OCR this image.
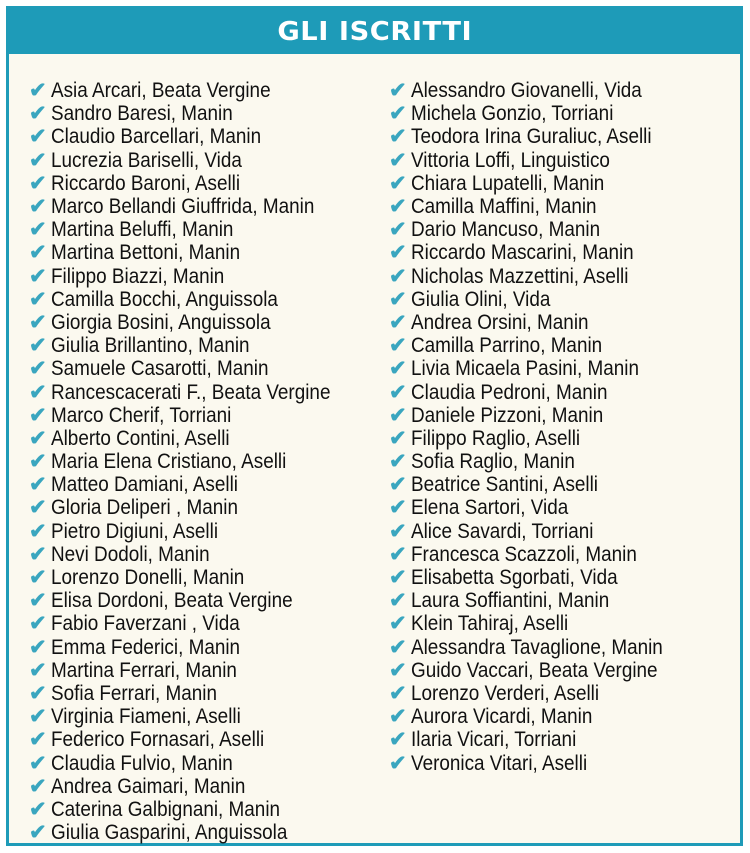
GLI ISCRITTI
✔ Asia Arcari, Beata Vergine
✔ Sandro Baresi, Manin
✔ Claudio Barcellari, Manin
✔ Lucrezia Bariselli, Vida
✔ Riccardo Baroni, Aselli
✔ Marco Bellandi Giuffrida, Manin
✔ Martina Beluffi, Manin
✔ Martina Bettoni, Manin
✔ Filippo Biazzi, Manin
✔ Camilla Bocchi, Anguissola
✔ Giorgia Bosini, Anguissola
✔ Giulia Brillantino, Manin
✔ Samuele Casarotti, Manin
✔ Rancescacerati F., Beata Vergine
✔ Marco Cherif, Torriani
✔ Alberto Contini, Aselli
✔ Maria Elena Cristiano, Aselli
✔ Matteo Damiani, Aselli
✔ Gloria Deliperi , Manin
✔ Pietro Digiuni, Aselli
✔ Nevi Dodoli, Manin
✔ Lorenzo Donelli, Manin
✔ Elisa Dordoni, Beata Vergine
✔ Fabio Faverzani , Vida
✔ Emma Federici, Manin
✔ Martina Ferrari, Manin
✔ Sofia Ferrari, Manin
✔ Virginia Fiameni, Aselli
✔ Federico Fornasari, Aselli
✔ Claudia Fulvio, Manin
✔ Andrea Gaimari, Manin
✔ Caterina Galbignani, Manin
✔ Giulia Gasparini, Anguissola
✔ Alessandro Giovanelli, Vida
✔ Michela Gonzio, Torriani
✔ Teodora Irina Guraliuc, Aselli
✔ Vittoria Loffi, Linguistico
✔ Chiara Lupatelli, Manin
✔ Camilla Maffini, Manin
✔ Dario Mancuso, Manin
✔ Riccardo Mascarini, Manin
✔ Nicholas Mazzettini, Aselli
✔ Giulia Olini, Vida
✔ Andrea Orsini, Manin
✔ Camilla Parrino, Manin
✔ Livia Micaela Pasini, Manin
✔ Claudia Pedroni, Manin
✔ Daniele Pizzoni, Manin
✔ Filippo Raglio, Aselli
✔ Sofia Raglio, Manin
✔ Beatrice Santini, Aselli
✔ Elena Sartori, Vida
✔ Alice Savardi, Torriani
✔ Francesca Scazzoli, Manin
✔ Elisabetta Sgorbati, Vida
✔ Laura Soffiantini, Manin
✔ Klein Tahiraj, Aselli
✔ Alessandra Tavaglione, Manin
✔ Guido Vaccari, Beata Vergine
✔ Lorenzo Verderi, Aselli
✔ Aurora Vicardi, Manin
✔ Ilaria Vicari, Torriani
✔ Veronica Vitari, Aselli
